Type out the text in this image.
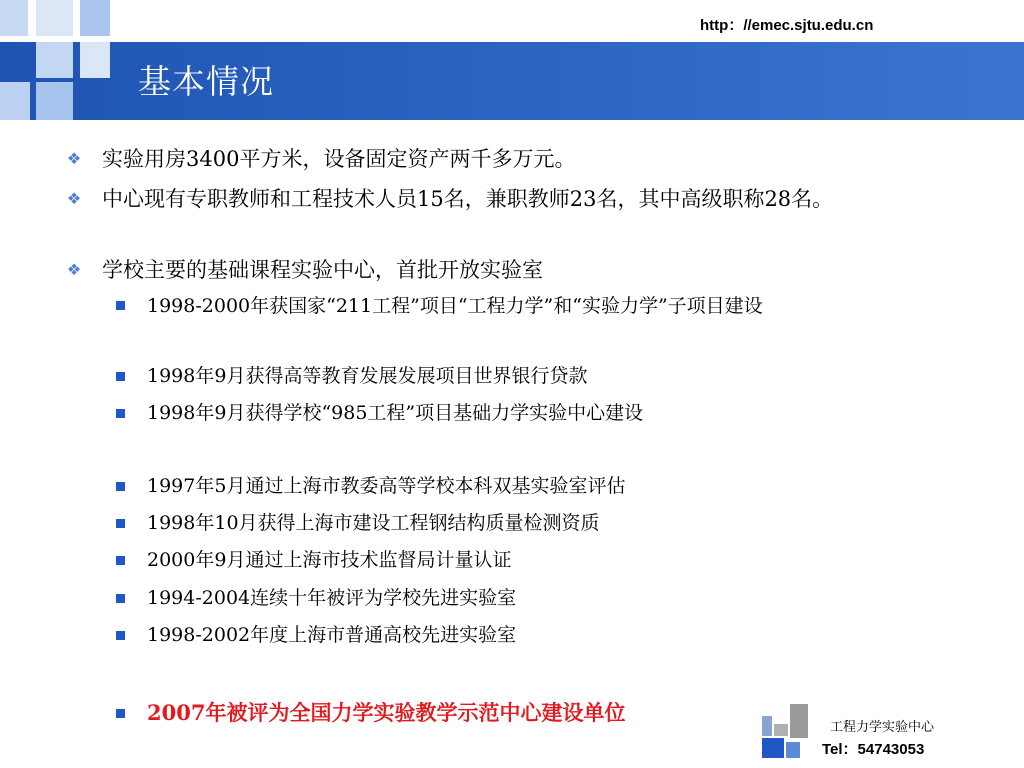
http：//emec.sjtu.edu.cn
基本情况
❖ 实验用房3400平方米，设备固定资产两千多万元。
❖ 中心现有专职教师和工程技术人员15名，兼职教师23名，其中高级职称28名。
❖ 学校主要的基础课程实验中心，首批开放实验室
1998-2000年获国家“211工程”项目“工程力学”和“实验力学”子项目建设
1998年9月获得高等教育发展发展项目世界银行贷款
1998年9月获得学校“985工程”项目基础力学实验中心建设
1997年5月通过上海市教委高等学校本科双基实验室评估
1998年10月获得上海市建设工程钢结构质量检测资质
2000年9月通过上海市技术监督局计量认证
1994-2004连续十年被评为学校先进实验室
1998-2002年度上海市普通高校先进实验室
2007年被评为全国力学实验教学示范中心建设单位
工程力学实验中心
Tel：54743053
